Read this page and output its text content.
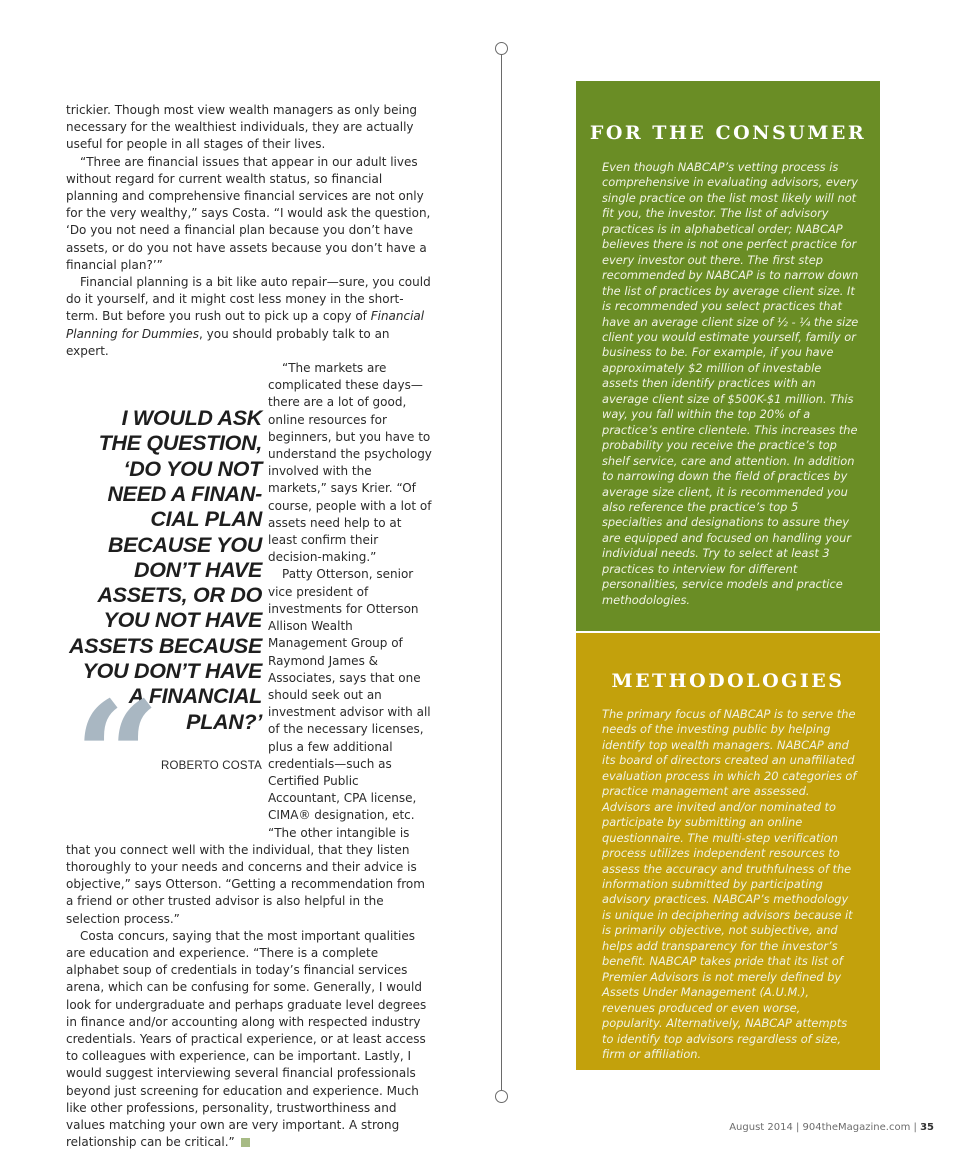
trickier. Though most view wealth managers as only being necessary for the wealthiest individuals, they are actually useful for people in all stages of their lives.

“Three are financial issues that appear in our adult lives without regard for current wealth status, so financial planning and comprehensive financial services are not only for the very wealthy,” says Costa. “I would ask the question, ‘Do you not need a financial plan because you don’t have assets, or do you not have assets because you don’t have a financial plan?’”

Financial planning is a bit like auto repair—sure, you could do it yourself, and it might cost less money in the short-term. But before you rush out to pick up a copy of Financial Planning for Dummies, you should probably talk to an expert.

I WOULD ASK THE QUESTION, ‘DO YOU NOT NEED A FINAN-CIAL PLAN BECAUSE YOU DON’T HAVE ASSETS, OR DO YOU NOT HAVE ASSETS BECAUSE YOU DON’T HAVE A FINANCIAL PLAN?’
“ ROBERTO COSTA
“The markets are complicated these days—there are a lot of good, online resources for beginners, but you have to understand the psychology involved with the markets,” says Krier. “Of course, people with a lot of assets need help to at least confirm their decision-making.”

Patty Otterson, senior vice president of investments for Otterson Allison Wealth Management Group of Raymond James & Associates, says that one should seek out an investment advisor with all of the necessary licenses, plus a few additional credentials—such as Certified Public Accountant, CPA license, CIMA® designation, etc. “The other intangible is that you connect well with the individual, that they listen thoroughly to your needs and concerns and their advice is objective,” says Otterson. “Getting a recommendation from a friend or other trusted advisor is also helpful in the selection process.”

Costa concurs, saying that the most important qualities are education and experience. “There is a complete alphabet soup of credentials in today’s financial services arena, which can be confusing for some. Generally, I would look for undergraduate and perhaps graduate level degrees in finance and/or accounting along with respected industry credentials. Years of practical experience, or at least access to colleagues with experience, can be important. Lastly, I would suggest interviewing several financial professionals beyond just screening for education and experience. Much like other professions, personality, trustworthiness and values matching your own are very important. A strong relationship can be critical.”

FOR THE CONSUMER
Even though NABCAP’s vetting process is comprehensive in evaluating advisors, every single practice on the list most likely will not fit you, the investor. The list of advisory practices is in alphabetical order; NABCAP believes there is not one perfect practice for every investor out there. The first step recommended by NABCAP is to narrow down the list of practices by average client size. It is recommended you select practices that have an average client size of ½ - ¼ the size client you would estimate yourself, family or business to be. For example, if you have approximately $2 million of investable assets then identify practices with an average client size of $500K-$1 million. This way, you fall within the top 20% of a practice’s entire clientele. This increases the probability you receive the practice’s top shelf service, care and attention. In addition to narrowing down the field of practices by average size client, it is recommended you also reference the practice’s top 5 specialties and designations to assure they are equipped and focused on handling your individual needs. Try to select at least 3 practices to interview for different personalities, service models and practice methodologies.
METHODOLOGIES
The primary focus of NABCAP is to serve the needs of the investing public by helping identify top wealth managers. NABCAP and its board of directors created an unaffiliated evaluation process in which 20 categories of practice management are assessed. Advisors are invited and/or nominated to participate by submitting an online questionnaire. The multi-step verification process utilizes independent resources to assess the accuracy and truthfulness of the information submitted by participating advisory practices. NABCAP’s methodology is unique in deciphering advisors because it is primarily objective, not subjective, and helps add transparency for the investor’s benefit. NABCAP takes pride that its list of Premier Advisors is not merely defined by Assets Under Management (A.U.M.), revenues produced or even worse, popularity. Alternatively, NABCAP attempts to identify top advisors regardless of size, firm or affiliation.
August 2014 | 904theMagazine.com | 35
